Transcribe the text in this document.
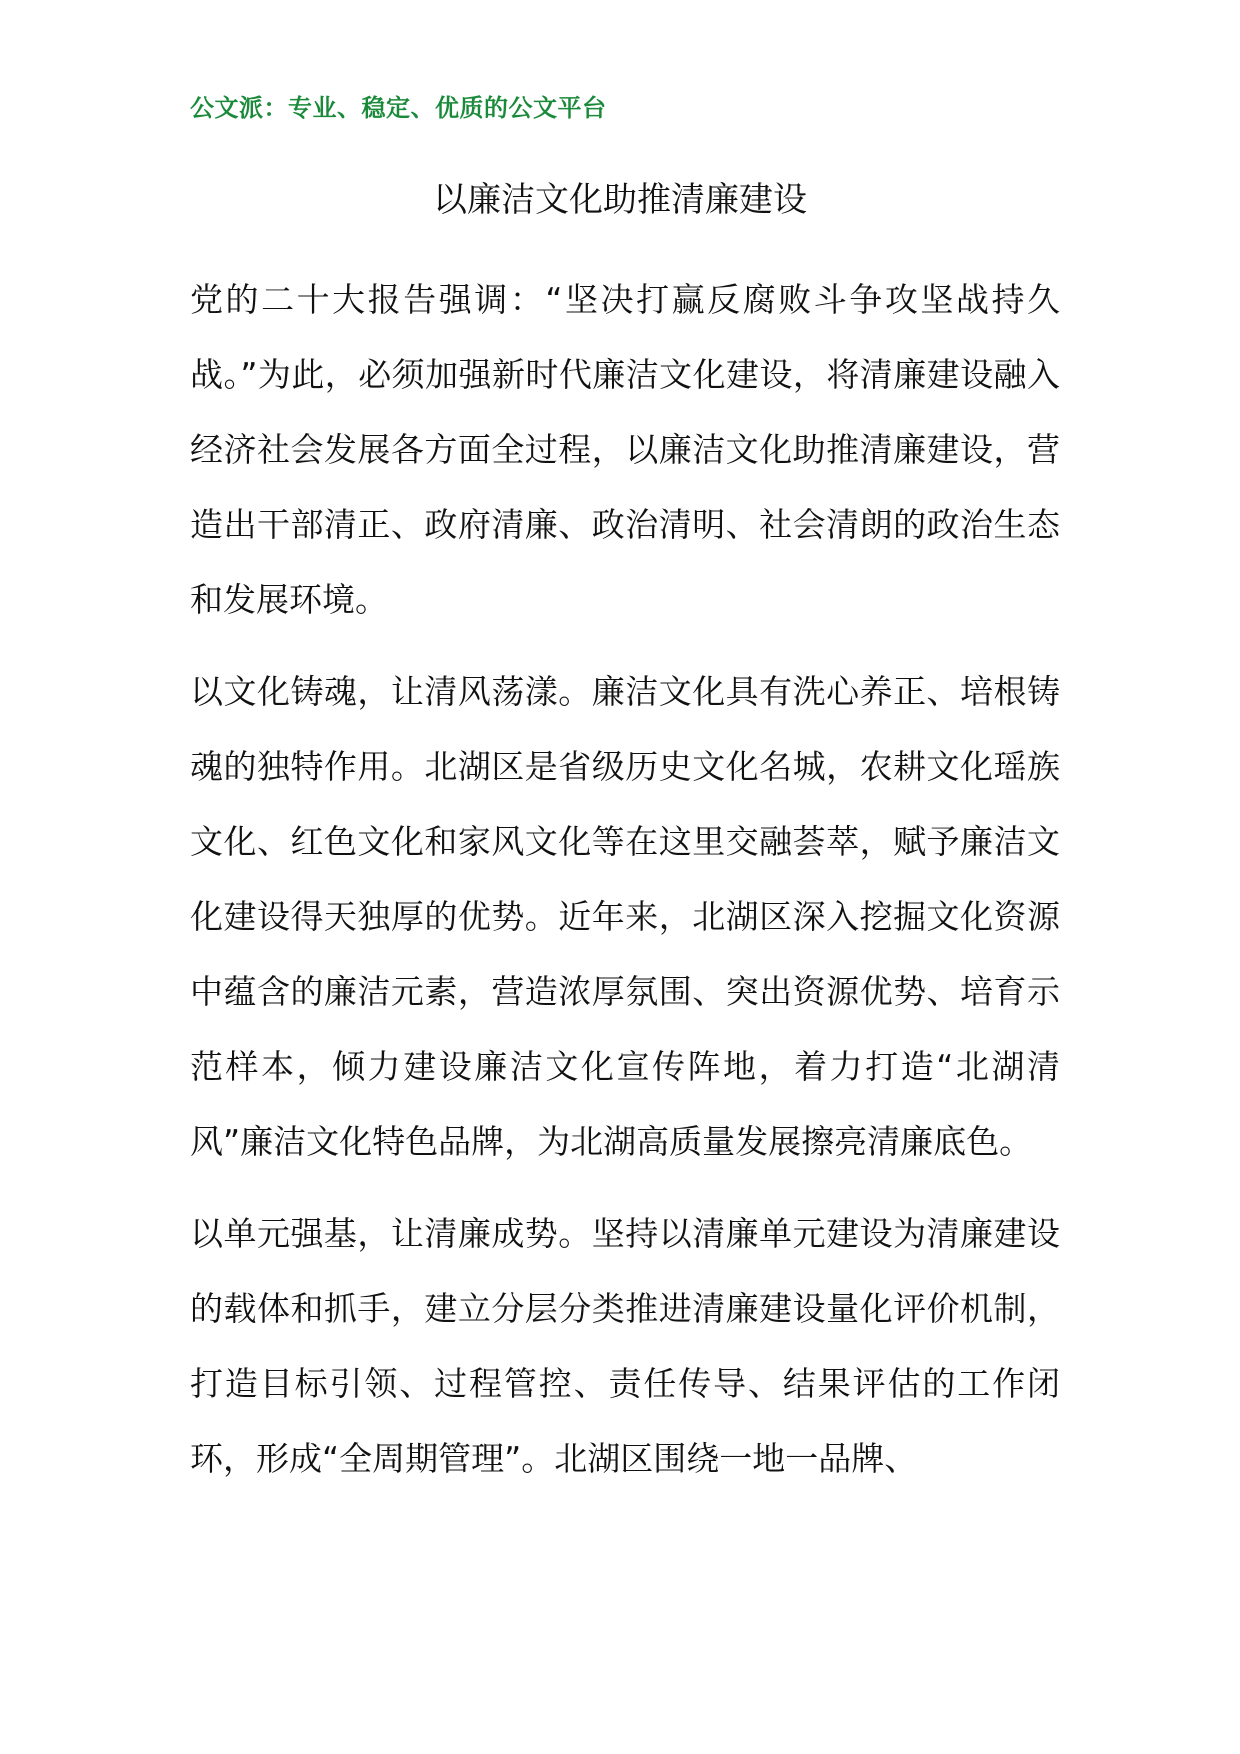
公文派：专业、稳定、优质的公文平台
以廉洁文化助推清廉建设

党的二十大报告强调：“坚决打赢反腐败斗争攻坚战持久战。”为此，必须加强新时代廉洁文化建设，将清廉建设融入经济社会发展各方面全过程，以廉洁文化助推清廉建设，营造出干部清正、政府清廉、政治清明、社会清朗的政治生态和发展环境。

以文化铸魂，让清风荡漾。廉洁文化具有洗心养正、培根铸魂的独特作用。北湖区是省级历史文化名城，农耕文化瑶族文化、红色文化和家风文化等在这里交融荟萃，赋予廉洁文化建设得天独厚的优势。近年来，北湖区深入挖掘文化资源中蕴含的廉洁元素，营造浓厚氛围、突出资源优势、培育示范样本，倾力建设廉洁文化宣传阵地，着力打造“北湖清风”廉洁文化特色品牌，为北湖高质量发展擦亮清廉底色。

以单元强基，让清廉成势。坚持以清廉单元建设为清廉建设的载体和抓手，建立分层分类推进清廉建设量化评价机制，打造目标引领、过程管控、责任传导、结果评估的工作闭环，形成“全周期管理”。北湖区围绕一地一品牌、
